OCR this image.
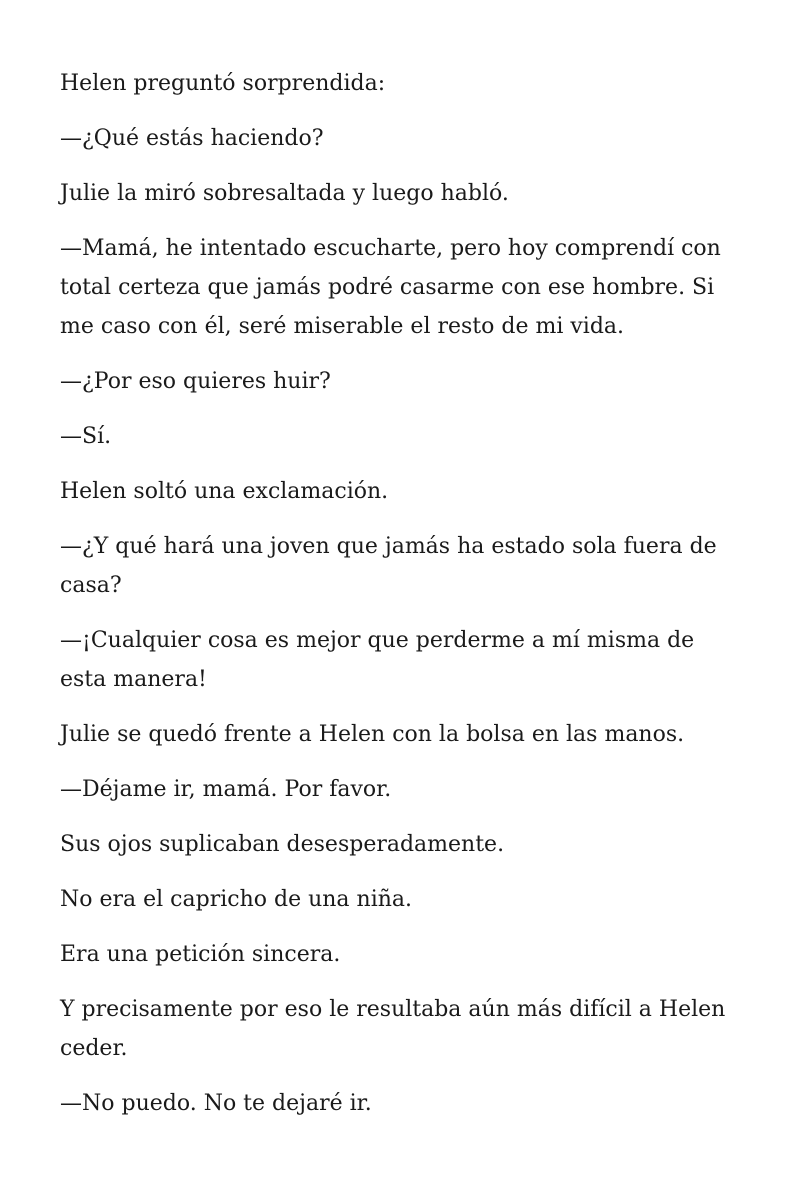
Helen preguntó sorprendida:

—¿Qué estás haciendo?

Julie la miró sobresaltada y luego habló.

—Mamá, he intentado escucharte, pero hoy comprendí con total certeza que jamás podré casarme con ese hombre. Si me caso con él, seré miserable el resto de mi vida.

—¿Por eso quieres huir?

—Sí.

Helen soltó una exclamación.

—¿Y qué hará una joven que jamás ha estado sola fuera de casa?

—¡Cualquier cosa es mejor que perderme a mí misma de esta manera!

Julie se quedó frente a Helen con la bolsa en las manos.

—Déjame ir, mamá. Por favor.

Sus ojos suplicaban desesperadamente.

No era el capricho de una niña.

Era una petición sincera.

Y precisamente por eso le resultaba aún más difícil a Helen ceder.

—No puedo. No te dejaré ir.
